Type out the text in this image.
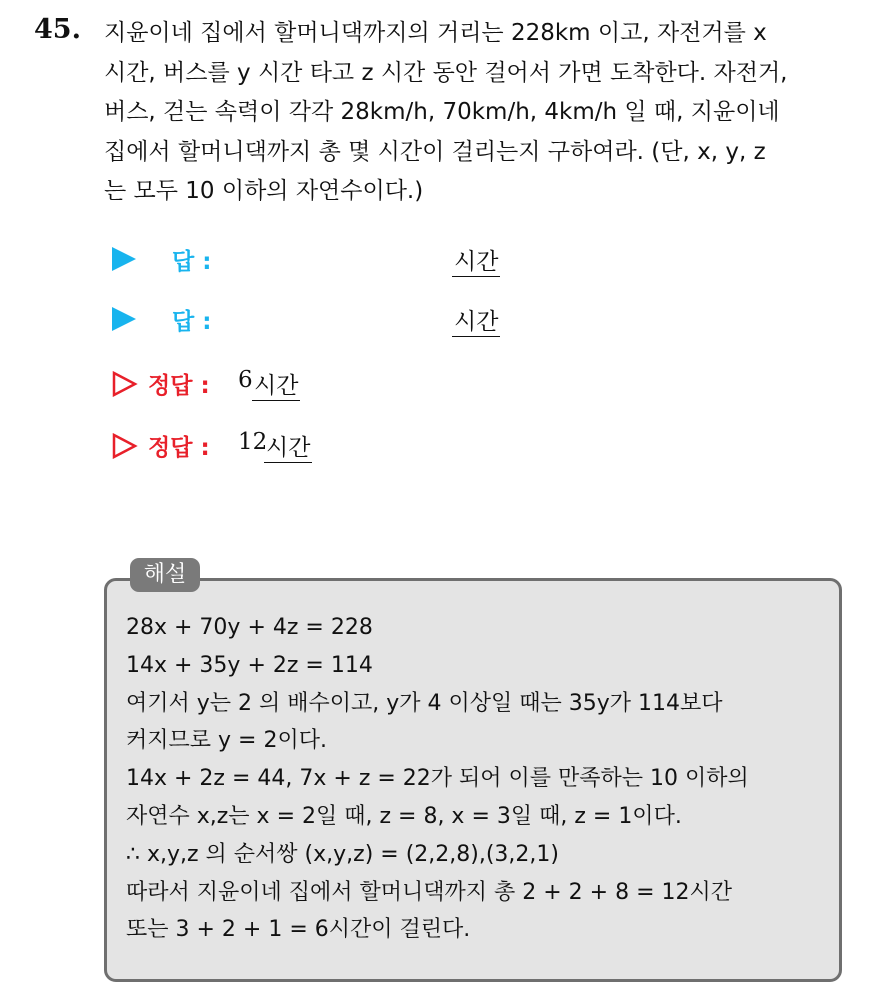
45. 지윤이네 집에서 할머니댁까지의 거리는 228km 이고, 자전거를 x

시간, 버스를 y 시간 타고 z 시간 동안 걸어서 가면 도착한다. 자전거,

버스, 걷는 속력이 각각 28km/h, 70km/h, 4km/h 일 때, 지윤이네

집에서 할머니댁까지 총 몇 시간이 걸리는지 구하여라. (단, x, y, z

는 모두 10 이하의 자연수이다.)

답 :	시간
답 :	시간
정답 : 6 시간
정답 : 12
시간
해설
28x + 70y + 4z = 228
14x + 35y + 2z = 114
여기서 y는 2 의 배수이고, y가 4 이상일 때는 35y가 114보다
커지므로 y = 2이다.
14x + 2z = 44, 7x + z = 22가 되어 이를 만족하는 10 이하의
자연수 x,z는 x = 2일 때, z = 8, x = 3일 때, z = 1이다.
∴ x,y,z 의 순서쌍 (x,y,z) = (2,2,8),(3,2,1)
따라서 지윤이네 집에서 할머니댁까지 총 2 + 2 + 8 = 12시간
또는 3 + 2 + 1 = 6시간이 걸린다.
